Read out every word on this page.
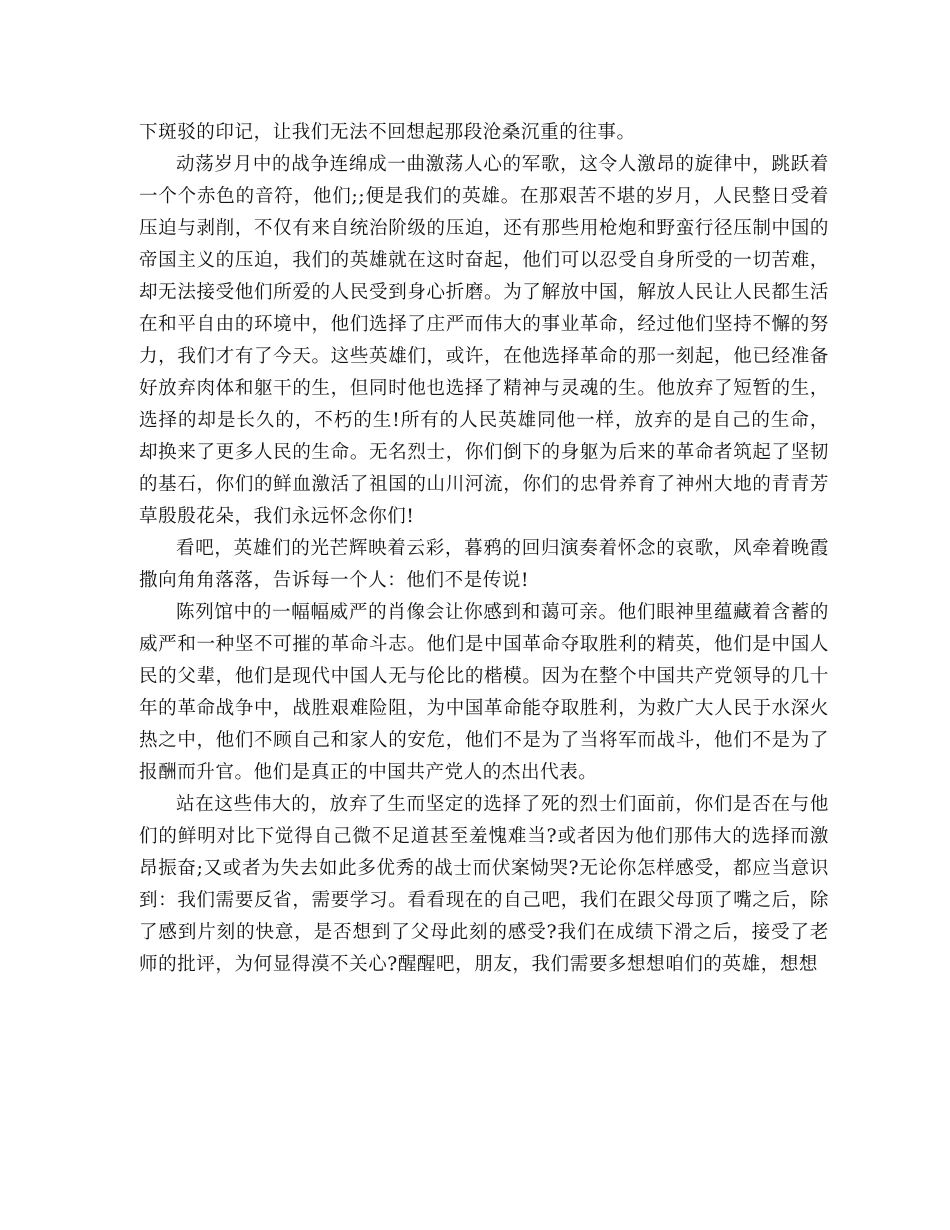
下斑驳的印记，让我们无法不回想起那段沧桑沉重的往事。

动荡岁月中的战争连绵成一曲激荡人心的军歌，这令人激昂的旋律中，跳跃着一个个赤色的音符，他们;;便是我们的英雄。在那艰苦不堪的岁月，人民整日受着压迫与剥削，不仅有来自统治阶级的压迫，还有那些用枪炮和野蛮行径压制中国的帝国主义的压迫，我们的英雄就在这时奋起，他们可以忍受自身所受的一切苦难，却无法接受他们所爱的人民受到身心折磨。为了解放中国，解放人民让人民都生活在和平自由的环境中，他们选择了庄严而伟大的事业革命，经过他们坚持不懈的努力，我们才有了今天。这些英雄们，或许，在他选择革命的那一刻起，他已经准备好放弃肉体和躯干的生，但同时他也选择了精神与灵魂的生。他放弃了短暂的生，选择的却是长久的，不朽的生!所有的人民英雄同他一样，放弃的是自己的生命，却换来了更多人民的生命。无名烈士，你们倒下的身躯为后来的革命者筑起了坚韧的基石，你们的鲜血激活了祖国的山川河流，你们的忠骨养育了神州大地的青青芳草殷殷花朵，我们永远怀念你们!

看吧，英雄们的光芒辉映着云彩，暮鸦的回归演奏着怀念的哀歌，风牵着晚霞撒向角角落落，告诉每一个人：他们不是传说!

陈列馆中的一幅幅威严的肖像会让你感到和蔼可亲。他们眼神里蕴藏着含蓄的威严和一种坚不可摧的革命斗志。他们是中国革命夺取胜利的精英，他们是中国人民的父辈，他们是现代中国人无与伦比的楷模。因为在整个中国共产党领导的几十年的革命战争中，战胜艰难险阻，为中国革命能夺取胜利，为救广大人民于水深火热之中，他们不顾自己和家人的安危，他们不是为了当将军而战斗，他们不是为了报酬而升官。他们是真正的中国共产党人的杰出代表。

站在这些伟大的，放弃了生而坚定的选择了死的烈士们面前，你们是否在与他们的鲜明对比下觉得自己微不足道甚至羞愧难当?或者因为他们那伟大的选择而激昂振奋;又或者为失去如此多优秀的战士而伏案恸哭?无论你怎样感受，都应当意识到：我们需要反省，需要学习。看看现在的自己吧，我们在跟父母顶了嘴之后，除了感到片刻的快意，是否想到了父母此刻的感受?我们在成绩下滑之后，接受了老师的批评，为何显得漠不关心?醒醒吧，朋友，我们需要多想想咱们的英雄，想想
